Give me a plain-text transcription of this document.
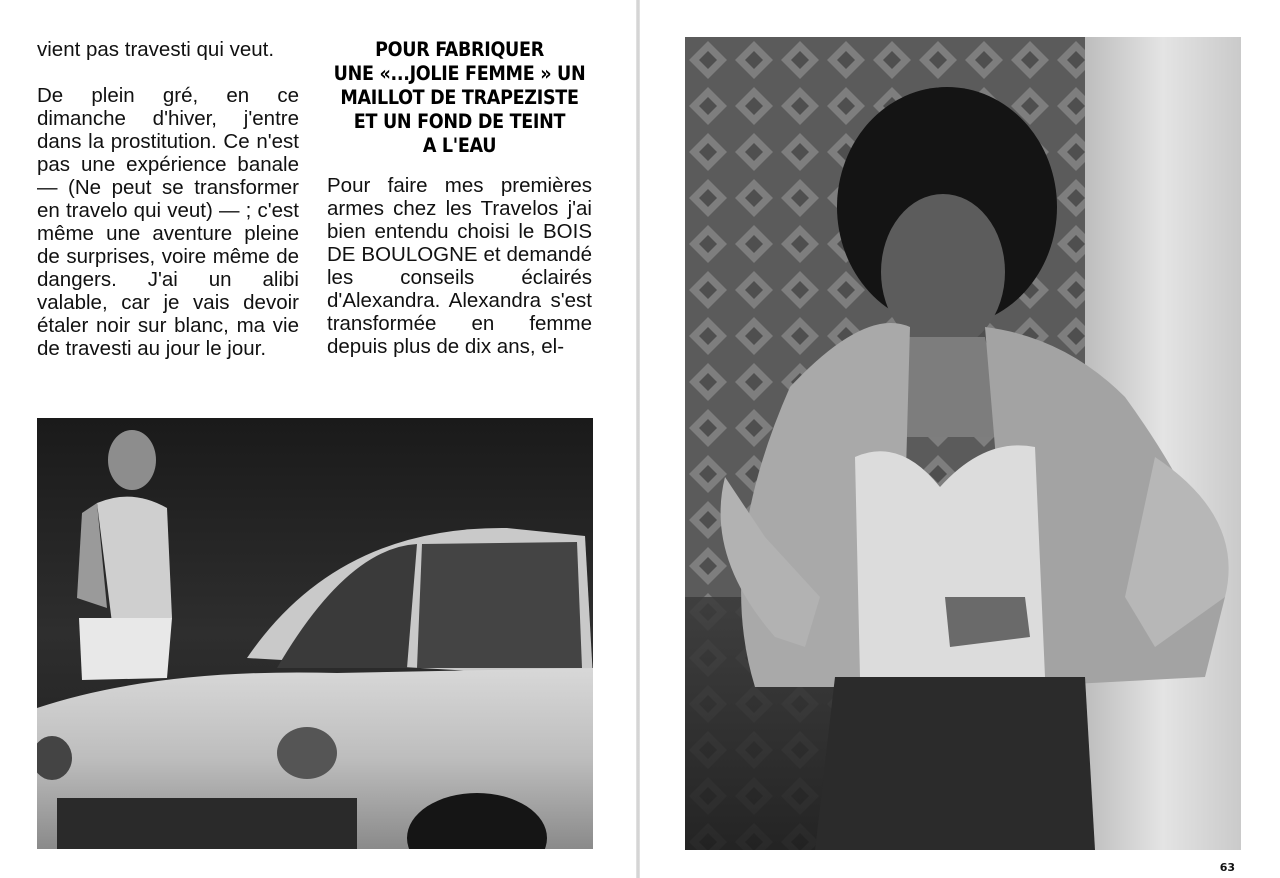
vient pas travesti qui veut.

De plein gré, en ce dimanche d'hiver, j'entre dans la prostitution. Ce n'est pas une expérience banale — (Ne peut se transformer en travelo qui veut) — ; c'est même une aventure pleine de surprises, voire même de dangers. J'ai un alibi valable, car je vais devoir étaler noir sur blanc, ma vie de travesti au jour le jour.

POUR FABRIQUER
UNE «...JOLIE FEMME » UN
MAILLOT DE TRAPEZISTE
ET UN FOND DE TEINT
A L'EAU

Pour faire mes premières armes chez les Travelos j'ai bien entendu choisi le BOIS DE BOULOGNE et demandé les conseils éclairés d'Alexandra. Alexandra s'est transformée en femme depuis plus de dix ans, el-

63
